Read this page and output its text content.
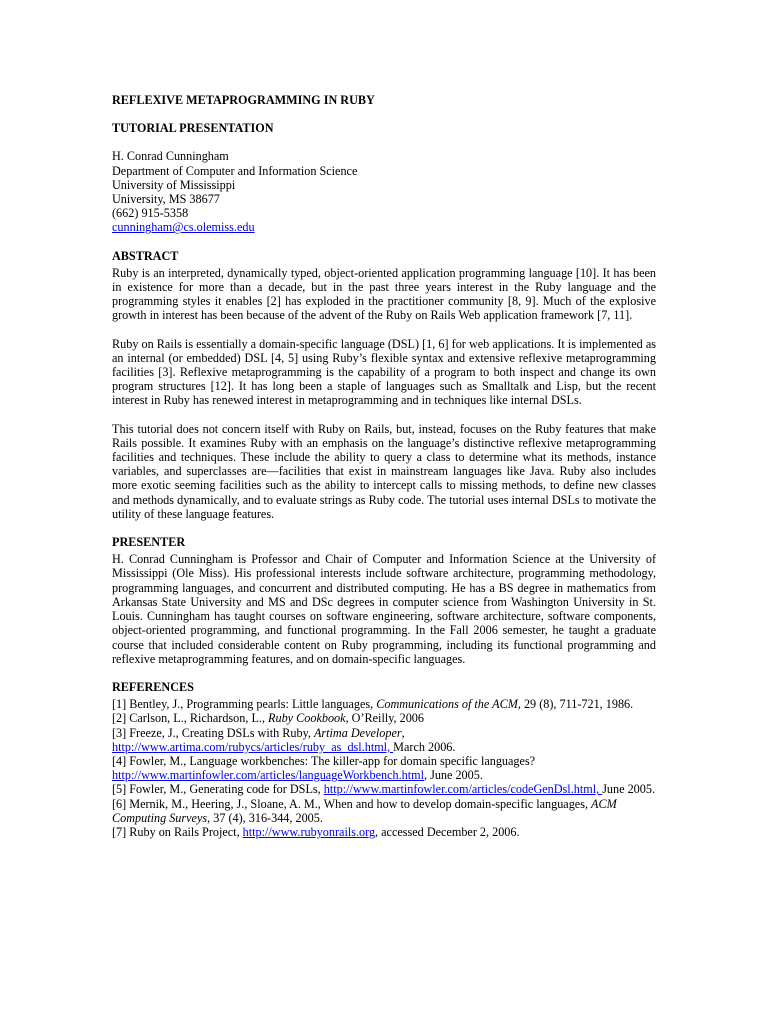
REFLEXIVE METAPROGRAMMING IN RUBY
TUTORIAL PRESENTATION
H. Conrad Cunningham
Department of Computer and Information Science
University of Mississippi
University, MS 38677
(662) 915-5358
cunningham@cs.olemiss.edu
ABSTRACT

Ruby is an interpreted, dynamically typed, object-oriented application programming language [10]. It has been in existence for more than a decade, but in the past three years interest in the Ruby language and the programming styles it enables [2] has exploded in the practitioner community [8, 9]. Much of the explosive growth in interest has been because of the advent of the Ruby on Rails Web application framework [7, 11].

Ruby on Rails is essentially a domain-specific language (DSL) [1, 6] for web applications. It is implemented as an internal (or embedded) DSL [4, 5] using Ruby’s flexible syntax and extensive reflexive metaprogramming facilities [3]. Reflexive metaprogramming is the capability of a program to both inspect and change its own program structures [12]. It has long been a staple of languages such as Smalltalk and Lisp, but the recent interest in Ruby has renewed interest in metaprogramming and in techniques like internal DSLs.

This tutorial does not concern itself with Ruby on Rails, but, instead, focuses on the Ruby features that make Rails possible. It examines Ruby with an emphasis on the language’s distinctive reflexive metaprogramming facilities and techniques. These include the ability to query a class to determine what its methods, instance variables, and superclasses are—facilities that exist in mainstream languages like Java. Ruby also includes more exotic seeming facilities such as the ability to intercept calls to missing methods, to define new classes and methods dynamically, and to evaluate strings as Ruby code. The tutorial uses internal DSLs to motivate the utility of these language features.

PRESENTER

H. Conrad Cunningham is Professor and Chair of Computer and Information Science at the University of Mississippi (Ole Miss). His professional interests include software architecture, programming methodology, programming languages, and concurrent and distributed computing. He has a BS degree in mathematics from Arkansas State University and MS and DSc degrees in computer science from Washington University in St. Louis. Cunningham has taught courses on software engineering, software architecture, software components, object-oriented programming, and functional programming. In the Fall 2006 semester, he taught a graduate course that included considerable content on Ruby programming, including its functional programming and reflexive metaprogramming features, and on domain-specific languages.

REFERENCES
[1] Bentley, J., Programming pearls: Little languages, Communications of the ACM, 29 (8), 711-721, 1986.
[2] Carlson, L., Richardson, L., Ruby Cookbook, O’Reilly, 2006
[3] Freeze, J., Creating DSLs with Ruby, Artima Developer,
http://www.artima.com/rubycs/articles/ruby_as_dsl.html, March 2006.
[4] Fowler, M., Language workbenches: The killer-app for domain specific languages?
http://www.martinfowler.com/articles/languageWorkbench.html, June 2005.
[5] Fowler, M., Generating code for DSLs, http://www.martinfowler.com/articles/codeGenDsl.html, June 2005.
[6] Mernik, M., Heering, J., Sloane, A. M., When and how to develop domain-specific languages, ACM Computing Surveys, 37 (4), 316-344, 2005.
[7] Ruby on Rails Project, http://www.rubyonrails.org, accessed December 2, 2006.
